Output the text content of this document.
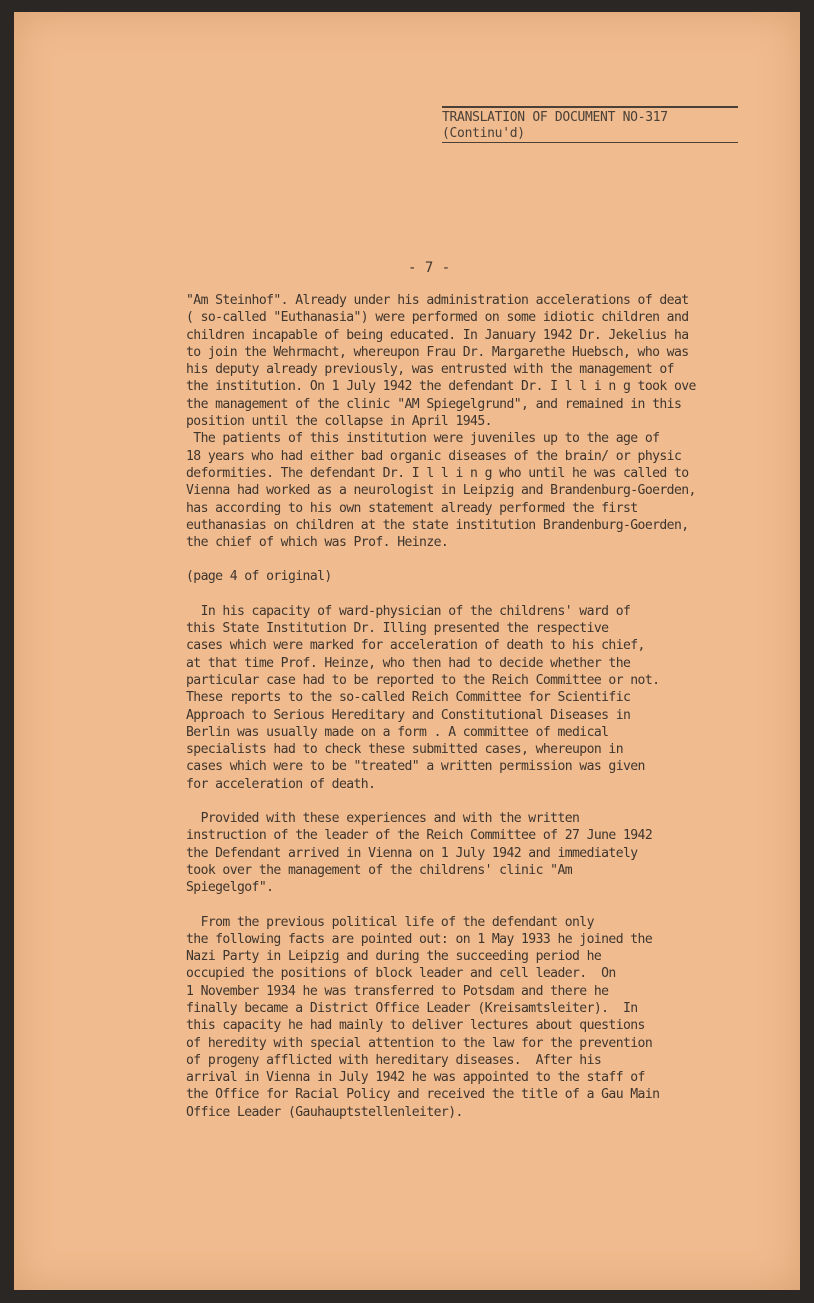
TRANSLATION OF DOCUMENT NO-317
(Continu'd)
- 7 -

"Am Steinhof". Already under his administration accelerations of deat
( so-called "Euthanasia") were performed on some idiotic children and
children incapable of being educated. In January 1942 Dr. Jekelius ha
to join the Wehrmacht, whereupon Frau Dr. Margarethe Huebsch, who was
his deputy already previously, was entrusted with the management of
the institution. On 1 July 1942 the defendant Dr. I l l i n g took ove
the management of the clinic "AM Spiegelgrund", and remained in this
position until the collapse in April 1945.

The patients of this institution were juveniles up to the age of
18 years who had either bad organic diseases of the brain/ or physic
deformities. The defendant Dr. I l l i n g who until he was called to
Vienna had worked as a neurologist in Leipzig and Brandenburg-Goerden,
has according to his own statement already performed the first
euthanasias on children at the state institution Brandenburg-Goerden,
the chief of which was Prof. Heinze.

(page 4 of original)

In his capacity of ward-physician of the childrens' ward of
this State Institution Dr. Illing presented the respective
cases which were marked for acceleration of death to his chief,
at that time Prof. Heinze, who then had to decide whether the
particular case had to be reported to the Reich Committee or not.
These reports to the so-called Reich Committee for Scientific
Approach to Serious Hereditary and Constitutional Diseases in
Berlin was usually made on a form . A committee of medical
specialists had to check these submitted cases, whereupon in
cases which were to be "treated" a written permission was given
for acceleration of death.

Provided with these experiences and with the written
instruction of the leader of the Reich Committee of 27 June 1942
the Defendant arrived in Vienna on 1 July 1942 and immediately
took over the management of the childrens' clinic "Am
Spiegelgof".

From the previous political life of the defendant only
the following facts are pointed out: on 1 May 1933 he joined the
Nazi Party in Leipzig and during the succeeding period he
occupied the positions of block leader and cell leader.  On
1 November 1934 he was transferred to Potsdam and there he
finally became a District Office Leader (Kreisamtsleiter).  In
this capacity he had mainly to deliver lectures about questions
of heredity with special attention to the law for the prevention
of progeny afflicted with hereditary diseases.  After his
arrival in Vienna in July 1942 he was appointed to the staff of
the Office for Racial Policy and received the title of a Gau Main
Office Leader (Gauhauptstellenleiter).
